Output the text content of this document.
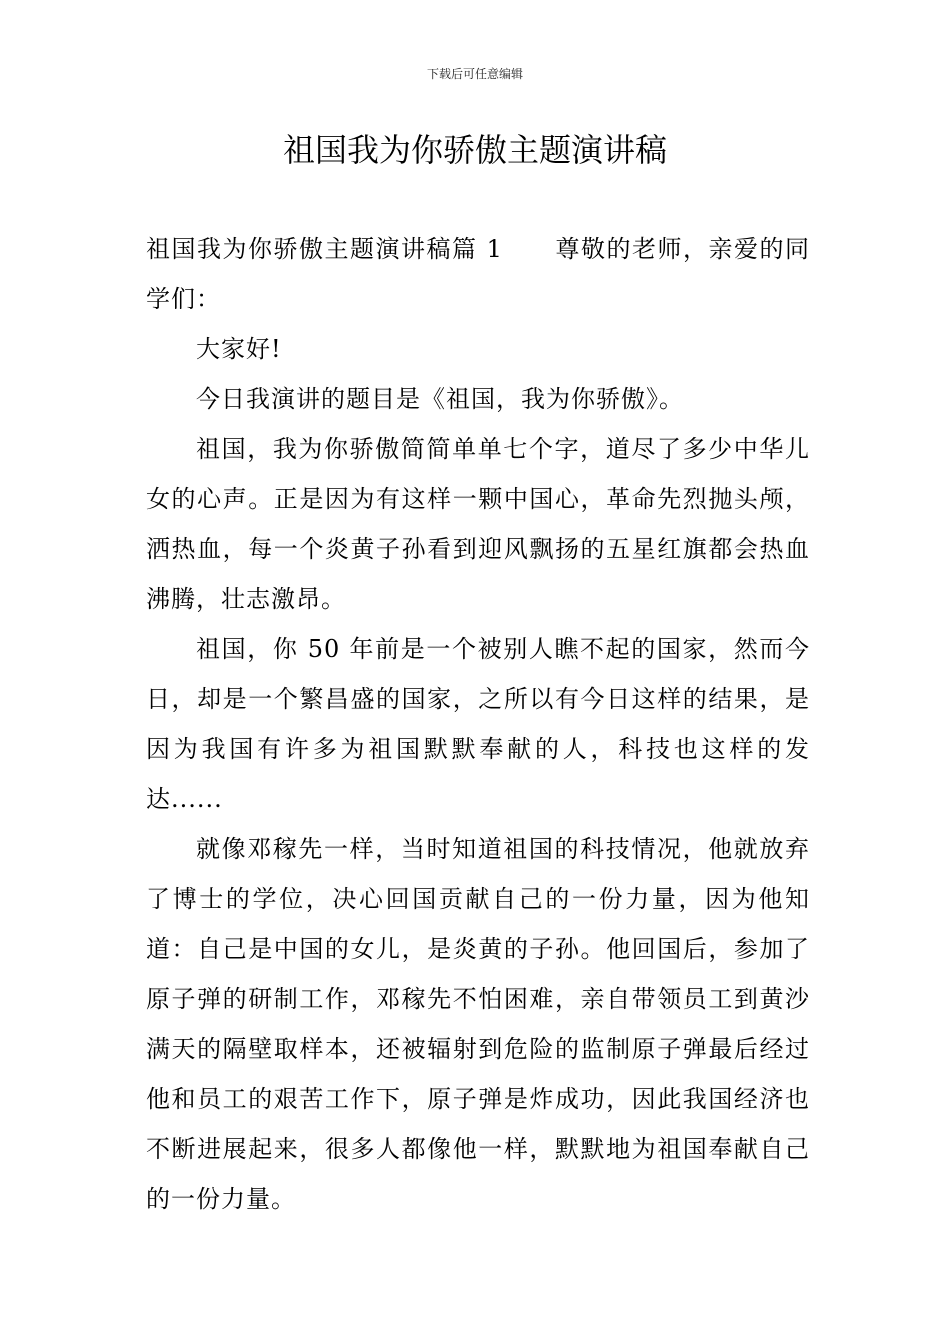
下载后可任意编辑
祖国我为你骄傲主题演讲稿

祖国我为你骄傲主题演讲稿篇 1 尊敬的老师，亲爱的同学们：

大家好!

今日我演讲的题目是《祖国，我为你骄傲》。

祖国，我为你骄傲简简单单七个字，道尽了多少中华儿女的心声。正是因为有这样一颗中国心，革命先烈抛头颅，洒热血，每一个炎黄子孙看到迎风飘扬的五星红旗都会热血沸腾，壮志激昂。

祖国，你 50 年前是一个被别人瞧不起的国家，然而今日，却是一个繁昌盛的国家，之所以有今日这样的结果，是因为我国有许多为祖国默默奉献的人，科技也这样的发达......

就像邓稼先一样，当时知道祖国的科技情况，他就放弃了博士的学位，决心回国贡献自己的一份力量，因为他知道：自己是中国的女儿，是炎黄的子孙。他回国后，参加了原子弹的研制工作，邓稼先不怕困难，亲自带领员工到黄沙满天的隔壁取样本，还被辐射到危险的监制原子弹最后经过他和员工的艰苦工作下，原子弹是炸成功，因此我国经济也不断进展起来，很多人都像他一样，默默地为祖国奉献自己的一份力量。
